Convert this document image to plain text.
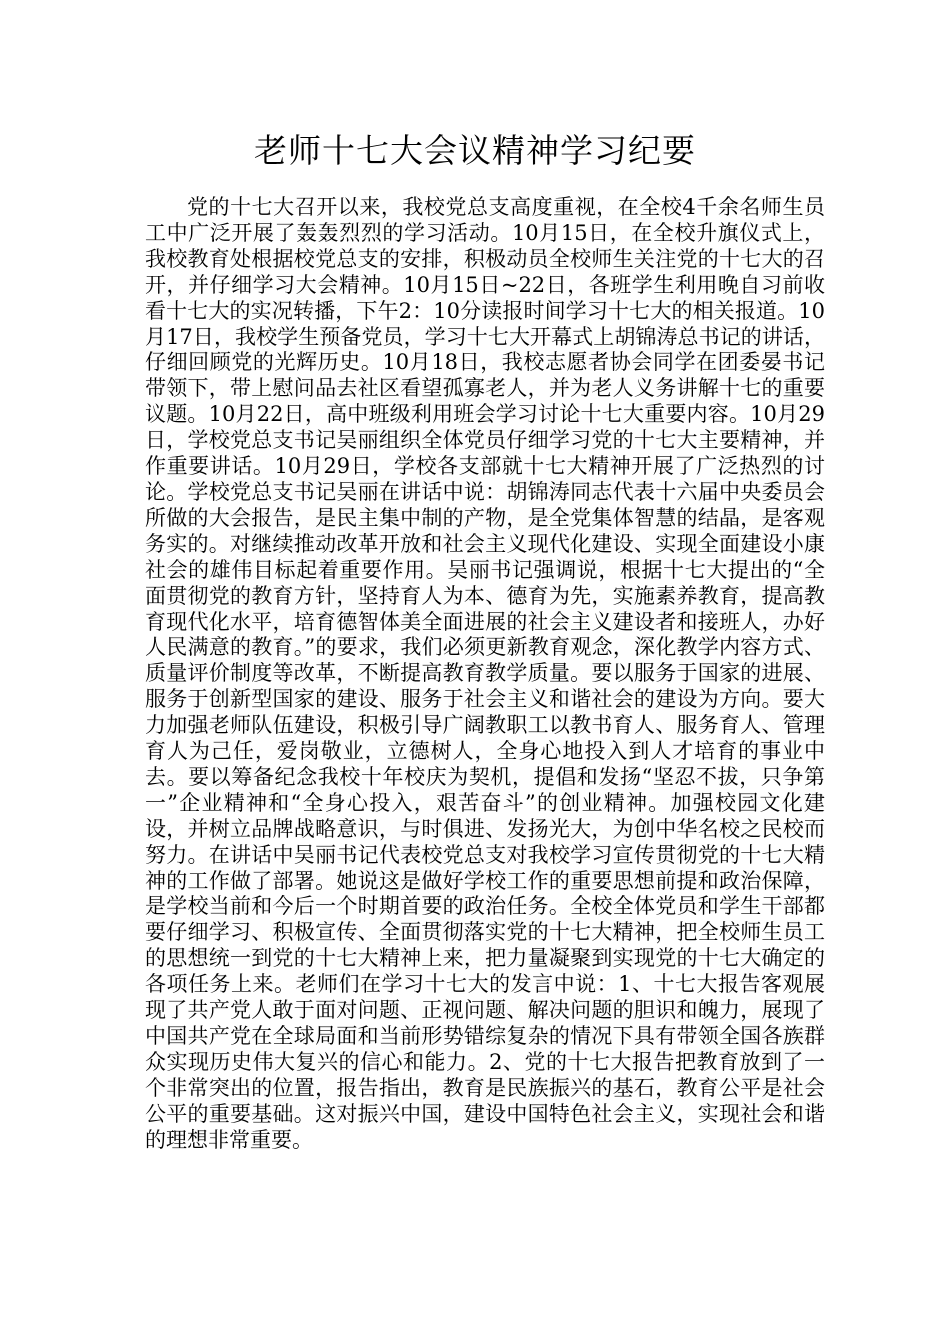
老师十七大会议精神学习纪要

党的十七大召开以来，我校党总支高度重视，在全校4千余名师生员工中广泛开展了轰轰烈烈的学习活动。10月15日，在全校升旗仪式上，我校教育处根据校党总支的安排，积极动员全校师生关注党的十七大的召开，并仔细学习大会精神。10月15日~22日，各班学生利用晚自习前收看十七大的实况转播，下午2：10分读报时间学习十七大的相关报道。10月17日，我校学生预备党员，学习十七大开幕式上胡锦涛总书记的讲话，仔细回顾党的光辉历史。10月18日，我校志愿者协会同学在团委晏书记带领下，带上慰问品去社区看望孤寡老人，并为老人义务讲解十七的重要议题。10月22日，高中班级利用班会学习讨论十七大重要内容。10月29日，学校党总支书记吴丽组织全体党员仔细学习党的十七大主要精神，并作重要讲话。10月29日，学校各支部就十七大精神开展了广泛热烈的讨论。学校党总支书记吴丽在讲话中说：胡锦涛同志代表十六届中央委员会所做的大会报告，是民主集中制的产物，是全党集体智慧的结晶，是客观务实的。对继续推动改革开放和社会主义现代化建设、实现全面建设小康社会的雄伟目标起着重要作用。吴丽书记强调说，根据十七大提出的“全面贯彻党的教育方针，坚持育人为本、德育为先，实施素养教育，提高教育现代化水平，培育德智体美全面进展的社会主义建设者和接班人，办好人民满意的教育。”的要求，我们必须更新教育观念，深化教学内容方式、质量评价制度等改革，不断提高教育教学质量。要以服务于国家的进展、服务于创新型国家的建设、服务于社会主义和谐社会的建设为方向。要大力加强老师队伍建设，积极引导广阔教职工以教书育人、服务育人、管理育人为己任，爱岗敬业，立德树人，全身心地投入到人才培育的事业中去。要以筹备纪念我校十年校庆为契机，提倡和发扬“坚忍不拔，只争第一”企业精神和“全身心投入，艰苦奋斗”的创业精神。加强校园文化建设，并树立品牌战略意识，与时俱进、发扬光大，为创中华名校之民校而努力。在讲话中吴丽书记代表校党总支对我校学习宣传贯彻党的十七大精神的工作做了部署。她说这是做好学校工作的重要思想前提和政治保障，是学校当前和今后一个时期首要的政治任务。全校全体党员和学生干部都要仔细学习、积极宣传、全面贯彻落实党的十七大精神，把全校师生员工的思想统一到党的十七大精神上来，把力量凝聚到实现党的十七大确定的各项任务上来。老师们在学习十七大的发言中说：1、十七大报告客观展现了共产党人敢于面对问题、正视问题、解决问题的胆识和魄力，展现了中国共产党在全球局面和当前形势错综复杂的情况下具有带领全国各族群众实现历史伟大复兴的信心和能力。2、党的十七大报告把教育放到了一个非常突出的位置，报告指出，教育是民族振兴的基石，教育公平是社会公平的重要基础。这对振兴中国，建设中国特色社会主义，实现社会和谐的理想非常重要。
